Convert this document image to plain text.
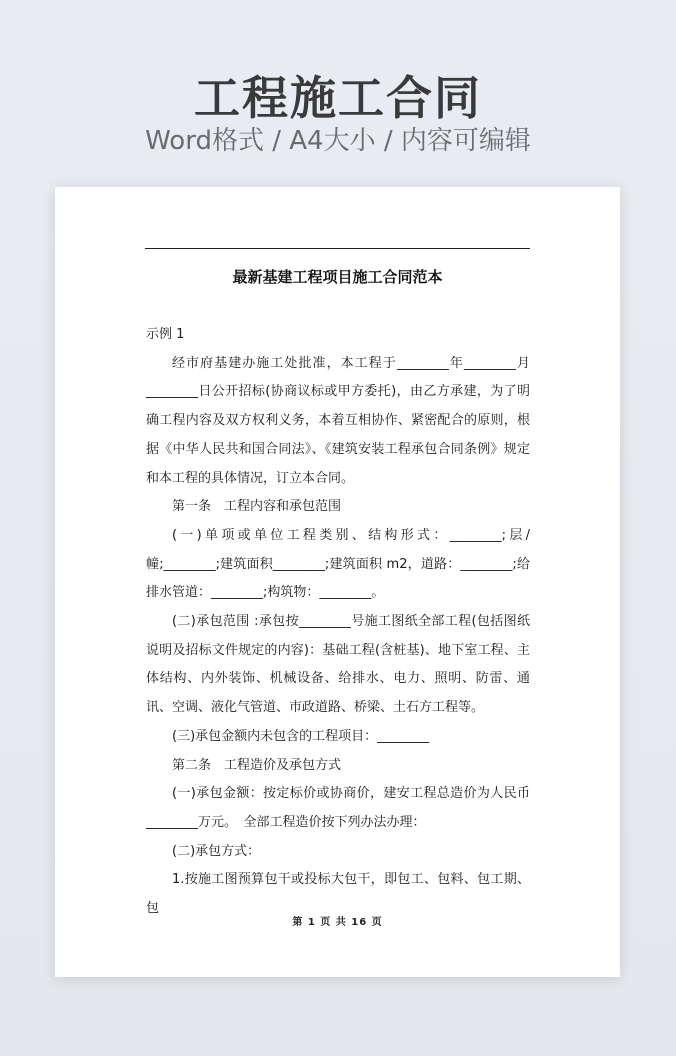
工程施工合同
Word格式 / A4大小 / 内容可编辑
最新基建工程项目施工合同范本

示例 1

经市府基建办施工处批准，本工程于________年________月________日公开招标(协商议标或甲方委托)，由乙方承建，为了明确工程内容及双方权利义务，本着互相协作、紧密配合的原则，根据《中华人民共和国合同法》、《建筑安装工程承包合同条例》规定和本工程的具体情况，订立本合同。

第一条　工程内容和承包范围

(一)单项或单位工程类别、结构形式：________;层/幢;________;建筑面积________;建筑面积 m2，道路：________;给排水管道：________;构筑物：________。

(二)承包范围 :承包按________号施工图纸全部工程(包括图纸说明及招标文件规定的内容)：基础工程(含桩基)、地下室工程、主体结构、内外装饰、机械设备、给排水、电力、照明、防雷、通讯、空调、液化气管道、市政道路、桥梁、土石方工程等。

(三)承包金额内未包含的工程项目：________

第二条　工程造价及承包方式

(一)承包金额：按定标价或协商价，建安工程总造价为人民币________万元。　全部工程造价按下列办法办理：

(二)承包方式：

1.按施工图预算包干或投标大包干，即包工、包料、包工期、包

第 1 页 共 16 页
